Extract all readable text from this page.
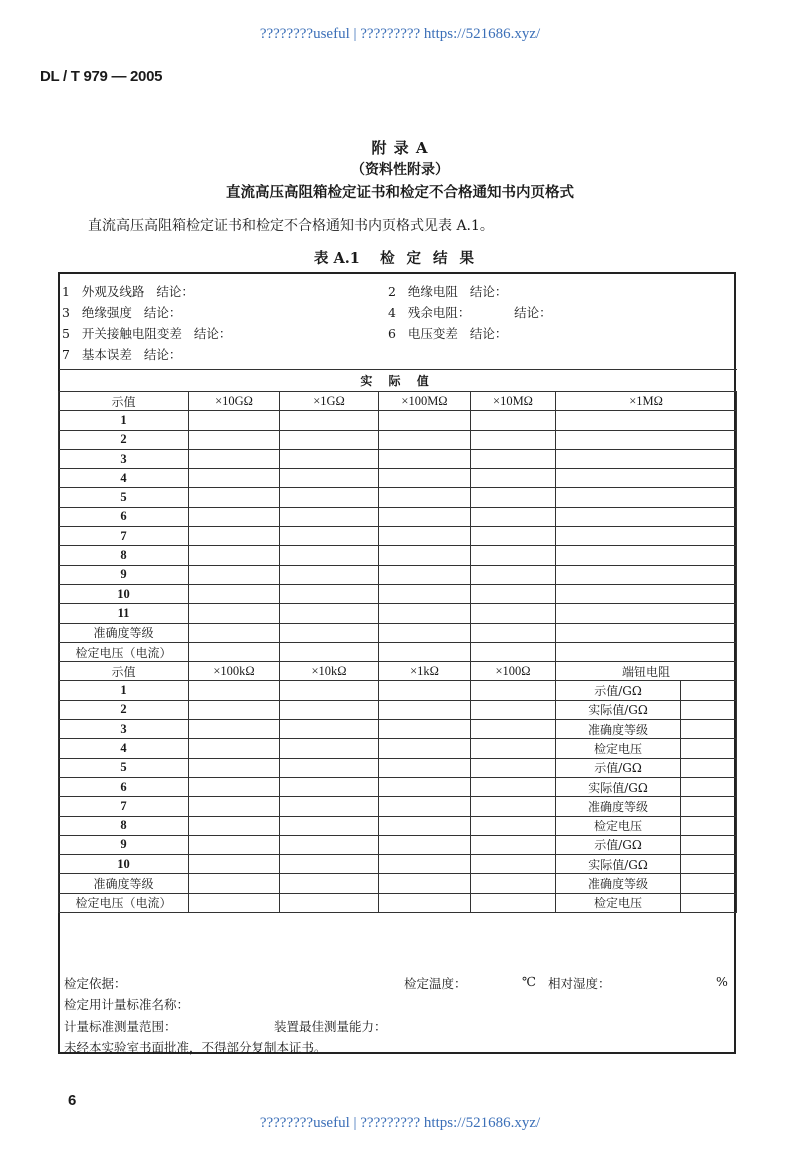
????????useful | ????????? https://521686.xyz/
DL / T 979 — 2005
附 录 A
（资料性附录）
直流高压高阻箱检定证书和检定不合格通知书内页格式
直流高压高阻箱检定证书和检定不合格通知书内页格式见表 A.1。
表 A.1 检定结果
1 外观及线路 结论：	2 绝缘电阻 结论：
3 绝缘强度 结论：	4 残余电阻：	结论：
5 开关接触电阻变差 结论：	6 电压变差 结论：
7 基本误差 结论：
实 际 值						
示值	×10GΩ	×1GΩ	×100MΩ	×10MΩ	×1MΩ	
1						
2						
3						
4						
5						
6						
7						
8						
9						
10						
11						
准确度等级						
检定电压（电流）						
示值	×100kΩ	×10kΩ	×1kΩ	×100Ω	端钮电阻	
1					示值/GΩ	
2					实际值/GΩ	
3					准确度等级	
4					检定电压	
5					示值/GΩ	
6					实际值/GΩ	
7					准确度等级	
8					检定电压	
9					示值/GΩ	
10					实际值/GΩ	
准确度等级					准确度等级	
检定电压（电流）					检定电压	
检定依据：	检定温度：	℃ 相对湿度：	%
检定用计量标准名称：
计量标准测量范围：	装置最佳测量能力：
未经本实验室书面批准，不得部分复制本证书。
6
????????useful | ????????? https://521686.xyz/
